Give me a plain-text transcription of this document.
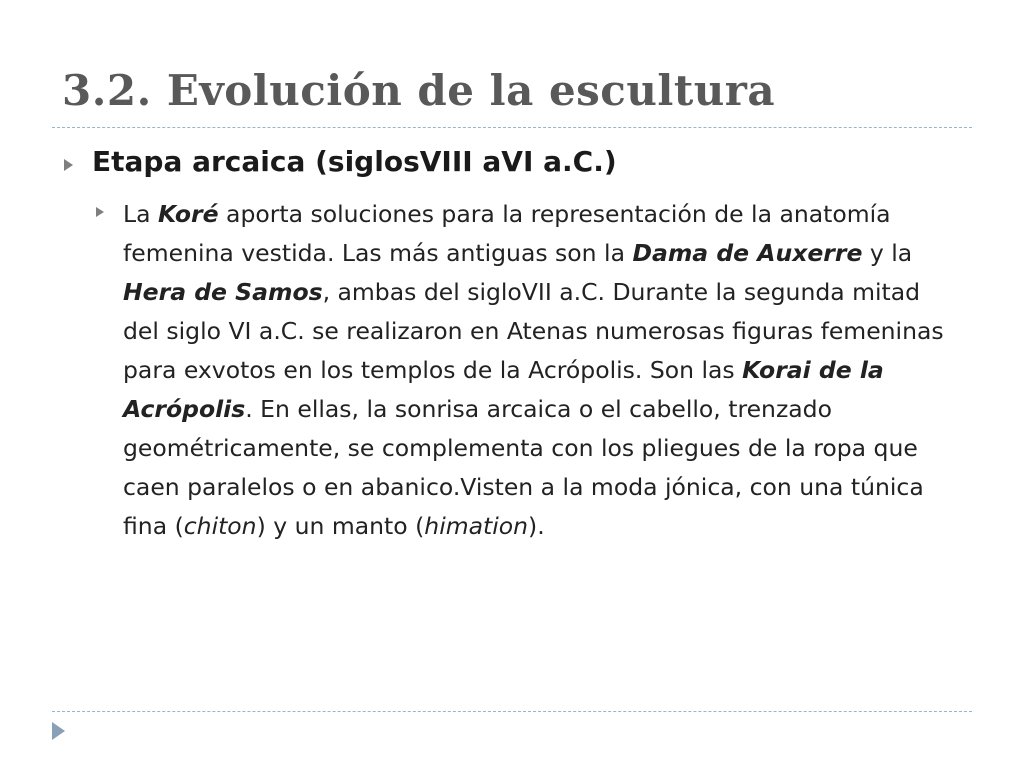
3.2. Evolución de la escultura
Etapa arcaica (siglosVIII aVI a.C.)

La Koré aporta soluciones para la representación de la anatomía femenina vestida. Las más antiguas son la Dama de Auxerre y la Hera de Samos, ambas del sigloVII a.C. Durante la segunda mitad del siglo VI a.C. se realizaron en Atenas numerosas figuras femeninas para exvotos en los templos de la Acrópolis. Son las Korai de la Acrópolis. En ellas, la sonrisa arcaica o el cabello, trenzado geométricamente, se complementa con los pliegues de la ropa que caen paralelos o en abanico.Visten a la moda jónica, con una túnica fina (chiton) y un manto (himation).
